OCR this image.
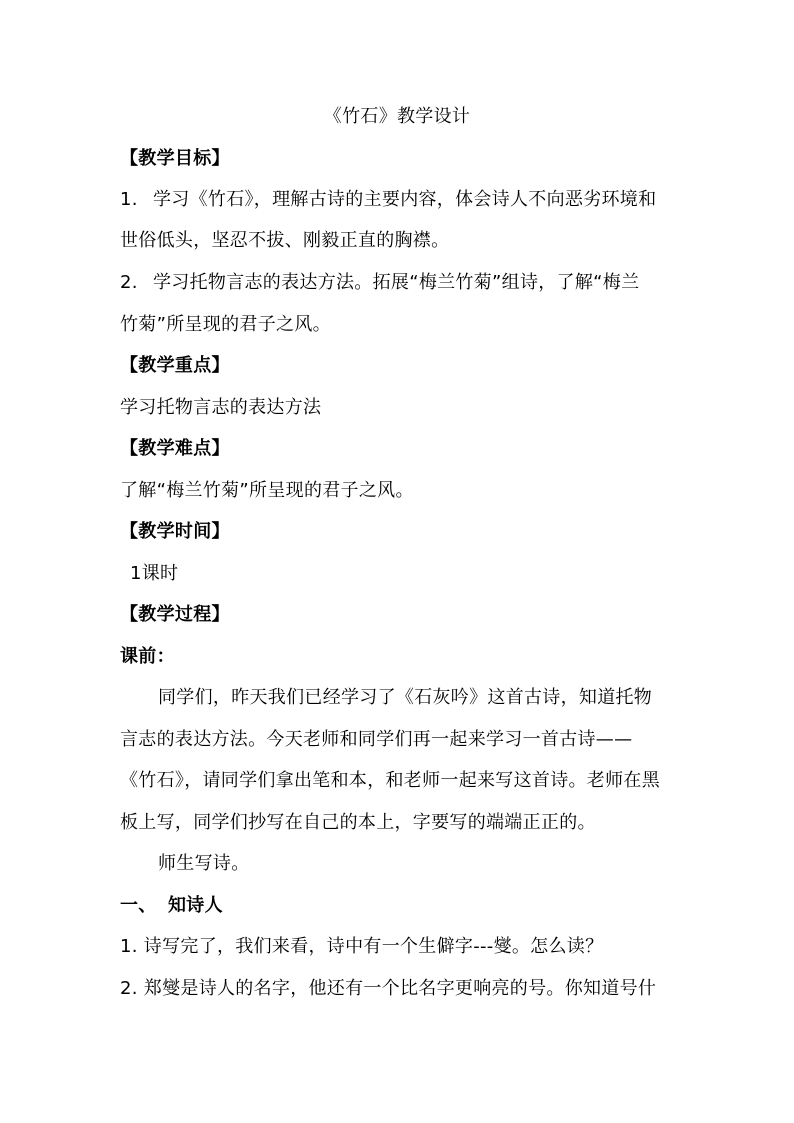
《竹石》教学设计
【教学目标】
1. 学习《竹石》，理解古诗的主要内容，体会诗人不向恶劣环境和
世俗低头，坚忍不拔、刚毅正直的胸襟。
2. 学习托物言志的表达方法。拓展“梅兰竹菊”组诗，了解“梅兰
竹菊”所呈现的君子之风。
【教学重点】
学习托物言志的表达方法
【教学难点】
了解“梅兰竹菊”所呈现的君子之风。
【教学时间】
1课时
【教学过程】
课前：
同学们，昨天我们已经学习了《石灰吟》这首古诗，知道托物
言志的表达方法。今天老师和同学们再一起来学习一首古诗——
《竹石》，请同学们拿出笔和本，和老师一起来写这首诗。老师在黑
板上写，同学们抄写在自己的本上，字要写的端端正正的。
师生写诗。
一、 知诗人
1. 诗写完了，我们来看，诗中有一个生僻字---燮。怎么读？
2. 郑燮是诗人的名字，他还有一个比名字更响亮的号。你知道号什
